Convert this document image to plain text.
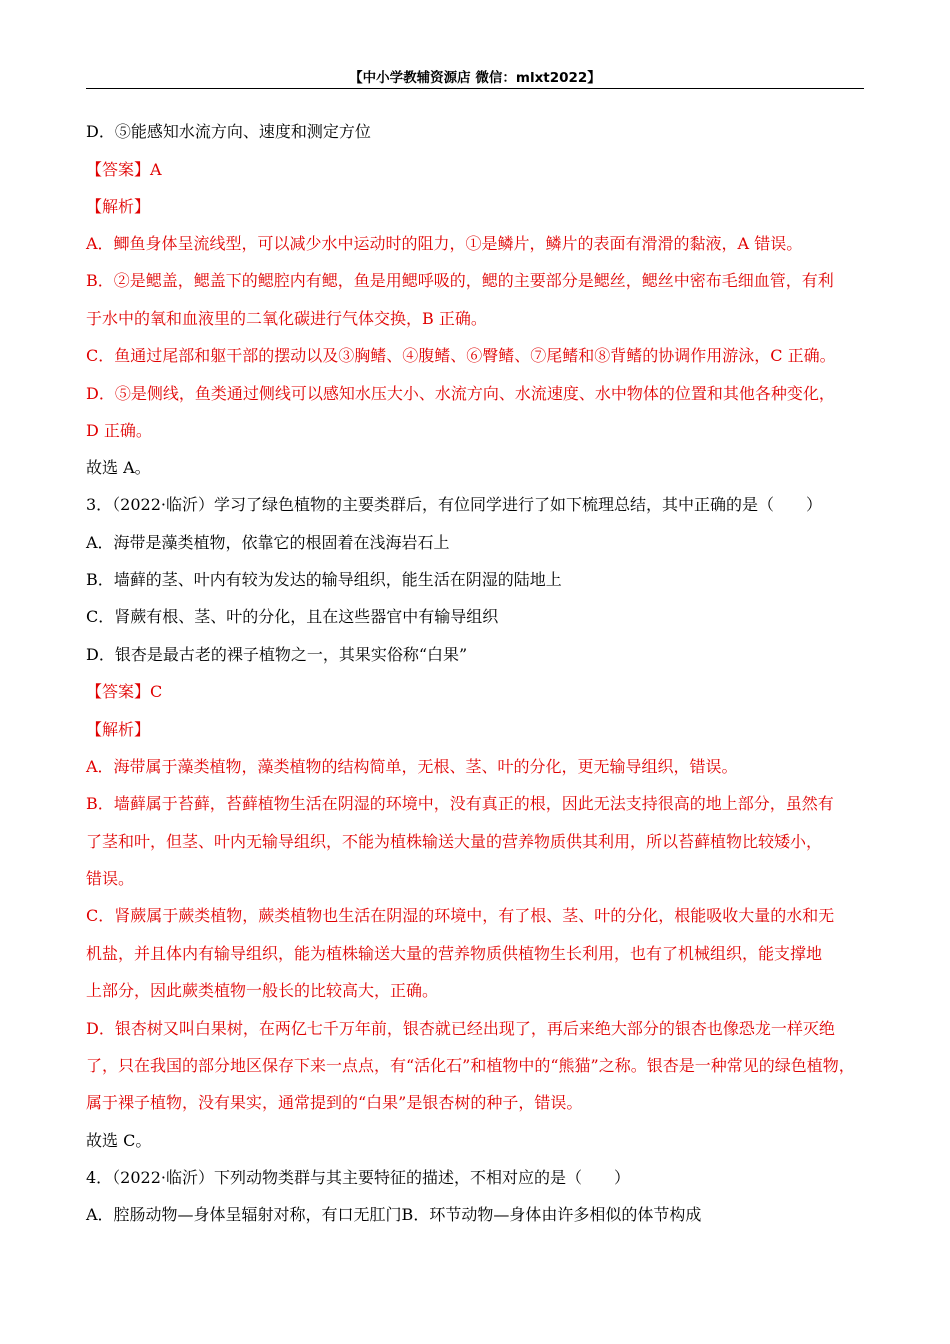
【中小学教辅资源店 微信：mlxt2022】
D．⑤能感知水流方向、速度和测定方位
【答案】A
【解析】
A．鲫鱼身体呈流线型，可以减少水中运动时的阻力，①是鳞片，鳞片的表面有滑滑的黏液，A 错误。
B．②是鳃盖，鳃盖下的鳃腔内有鳃，鱼是用鳃呼吸的，鳃的主要部分是鳃丝，鳃丝中密布毛细血管，有利
于水中的氧和血液里的二氧化碳进行气体交换，B 正确。
C．鱼通过尾部和躯干部的摆动以及③胸鳍、④腹鳍、⑥臀鳍、⑦尾鳍和⑧背鳍的协调作用游泳，C 正确。
D．⑤是侧线，鱼类通过侧线可以感知水压大小、水流方向、水流速度、水中物体的位置和其他各种变化，
D 正确。
故选 A。
3．（2022·临沂）学习了绿色植物的主要类群后，有位同学进行了如下梳理总结，其中正确的是（　　）
A．海带是藻类植物，依靠它的根固着在浅海岩石上
B．墙藓的茎、叶内有较为发达的输导组织，能生活在阴湿的陆地上
C．肾蕨有根、茎、叶的分化，且在这些器官中有输导组织
D．银杏是最古老的裸子植物之一，其果实俗称“白果”
【答案】C
【解析】
A．海带属于藻类植物，藻类植物的结构简单，无根、茎、叶的分化，更无输导组织，错误。
B．墙藓属于苔藓，苔藓植物生活在阴湿的环境中，没有真正的根，因此无法支持很高的地上部分，虽然有
了茎和叶，但茎、叶内无输导组织，不能为植株输送大量的营养物质供其利用，所以苔藓植物比较矮小，
错误。
C．肾蕨属于蕨类植物，蕨类植物也生活在阴湿的环境中，有了根、茎、叶的分化，根能吸收大量的水和无
机盐，并且体内有输导组织，能为植株输送大量的营养物质供植物生长利用，也有了机械组织，能支撑地
上部分，因此蕨类植物一般长的比较高大，正确。
D．银杏树又叫白果树，在两亿七千万年前，银杏就已经出现了，再后来绝大部分的银杏也像恐龙一样灭绝
了，只在我国的部分地区保存下来一点点，有“活化石”和植物中的“熊猫”之称。银杏是一种常见的绿色植物，
属于裸子植物，没有果实，通常提到的“白果”是银杏树的种子，错误。
故选 C。
4．（2022·临沂）下列动物类群与其主要特征的描述，不相对应的是（　　）
A．腔肠动物—身体呈辐射对称，有口无肛门B．环节动物—身体由许多相似的体节构成
